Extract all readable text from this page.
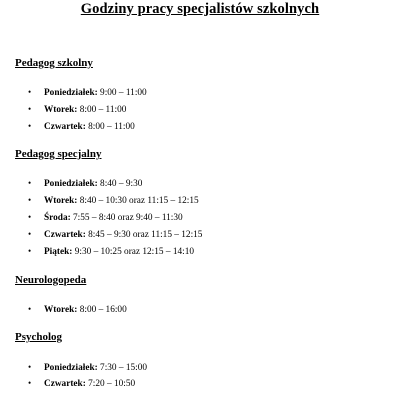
Godziny pracy specjalistów szkolnych
Pedagog szkolny
• Poniedziałek: 9:00 – 11:00
• Wtorek: 8:00 – 11:00
• Czwartek: 8:00 – 11:00
Pedagog specjalny
• Poniedziałek: 8:40 – 9:30
• Wtorek: 8:40 – 10:30 oraz 11:15 – 12:15
• Środa: 7:55 – 8:40 oraz 9:40 – 11:30
• Czwartek: 8:45 – 9:30 oraz 11:15 – 12:15
• Piątek: 9:30 – 10:25 oraz 12:15 – 14:10
Neurologopeda
• Wtorek: 8:00 – 16:00
Psycholog
• Poniedziałek: 7:30 – 15:00
• Czwartek: 7:20 – 10:50
